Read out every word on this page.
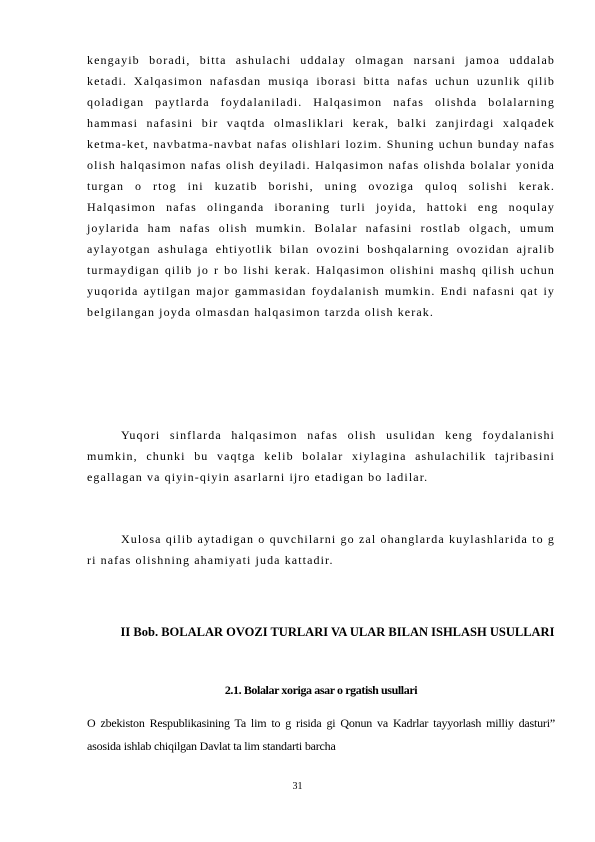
kengayib boradi, bitta ashulachi uddalay olmagan narsani jamoa uddalab ketadi. Xalqasimon nafasdan musiqa iborasi bitta nafas uchun uzunlik qilib qoladigan paytlarda foydalaniladi. Halqasimon nafas olishda bolalarning hammasi nafasini bir vaqtda olmasliklari kerak, balki zanjirdagi xalqadek ketma-ket, navbatma-navbat nafas olishlari lozim. Shuning uchun bunday nafas olish halqasimon nafas olish deyiladi. Halqasimon nafas olishda bolalar yonida turgan o rtog ini kuzatib borishi, uning ovoziga quloq solishi kerak. Halqasimon nafas olinganda iboraning turli joyida, hattoki eng noqulay joylarida ham nafas olish mumkin. Bolalar nafasini rostlab olgach, umum aylayotgan ashulaga ehtiyotlik bilan ovozini boshqalarning ovozidan ajralib turmaydigan qilib jo r bo lishi kerak. Halqasimon olishini mashq qilish uchun yuqorida aytilgan major gammasidan foydalanish mumkin. Endi nafasni qat iy belgilangan joyda olmasdan halqasimon tarzda olish kerak.

Yuqori sinflarda halqasimon nafas olish usulidan keng foydalanishi mumkin, chunki bu vaqtga kelib bolalar xiylagina ashulachilik tajribasini egallagan va qiyin-qiyin asarlarni ijro etadigan bo ladilar.

Xulosa qilib aytadigan o quvchilarni go zal ohanglarda kuylashlarida to g ri nafas olishning ahamiyati juda kattadir.

II Bob. BOLALAR OVOZI TURLARI VA ULAR BILAN ISHLASH USULLARI
2.1. Bolalar xoriga asar o rgatish usullari

O zbekiston Respublikasining Ta lim to g risida gi Qonun va Kadrlar tayyorlash milliy dasturi” asosida ishlab chiqilgan Davlat ta lim standarti barcha

31
